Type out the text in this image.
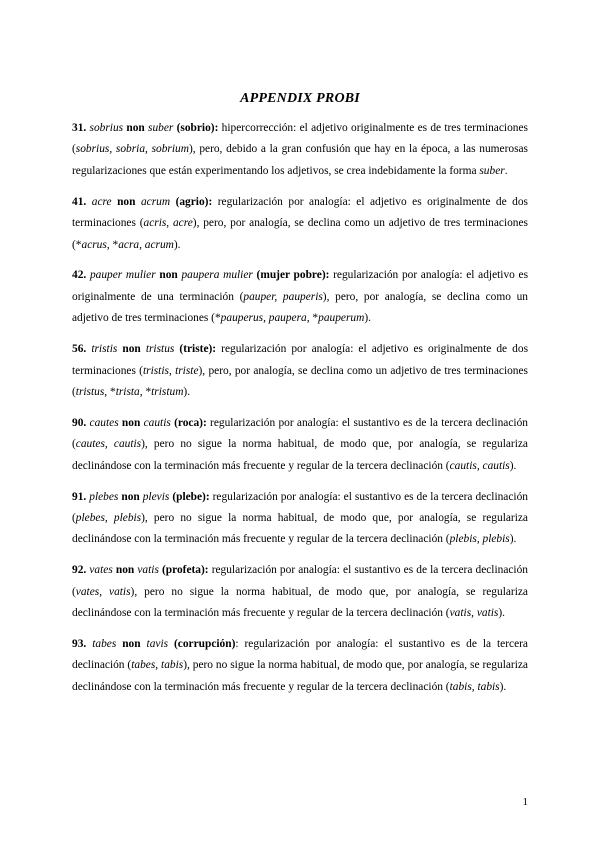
APPENDIX PROBI

31. sobrius non suber (sobrio): hipercorrección: el adjetivo originalmente es de tres terminaciones (sobrius, sobria, sobrium), pero, debido a la gran confusión que hay en la época, a las numerosas regularizaciones que están experimentando los adjetivos, se crea indebidamente la forma suber.

41. acre non acrum (agrio): regularización por analogía: el adjetivo es originalmente de dos terminaciones (acris, acre), pero, por analogía, se declina como un adjetivo de tres terminaciones (*acrus, *acra, acrum).

42. pauper mulier non paupera mulier (mujer pobre): regularización por analogía: el adjetivo es originalmente de una terminación (pauper, pauperis), pero, por analogía, se declina como un adjetivo de tres terminaciones (*pauperus, paupera, *pauperum).

56. tristis non tristus (triste): regularización por analogía: el adjetivo es originalmente de dos terminaciones (tristis, triste), pero, por analogía, se declina como un adjetivo de tres terminaciones (tristus, *trista, *tristum).

90. cautes non cautis (roca): regularización por analogía: el sustantivo es de la tercera declinación (cautes, cautis), pero no sigue la norma habitual, de modo que, por analogía, se regulariza declinándose con la terminación más frecuente y regular de la tercera declinación (cautis, cautis).

91. plebes non plevis (plebe): regularización por analogía: el sustantivo es de la tercera declinación (plebes, plebis), pero no sigue la norma habitual, de modo que, por analogía, se regulariza declinándose con la terminación más frecuente y regular de la tercera declinación (plebis, plebis).

92. vates non vatis (profeta): regularización por analogía: el sustantivo es de la tercera declinación (vates, vatis), pero no sigue la norma habitual, de modo que, por analogía, se regulariza declinándose con la terminación más frecuente y regular de la tercera declinación (vatis, vatis).

93. tabes non tavis (corrupción): regularización por analogía: el sustantivo es de la tercera declinación (tabes, tabis), pero no sigue la norma habitual, de modo que, por analogía, se regulariza declinándose con la terminación más frecuente y regular de la tercera declinación (tabis, tabis).

1
